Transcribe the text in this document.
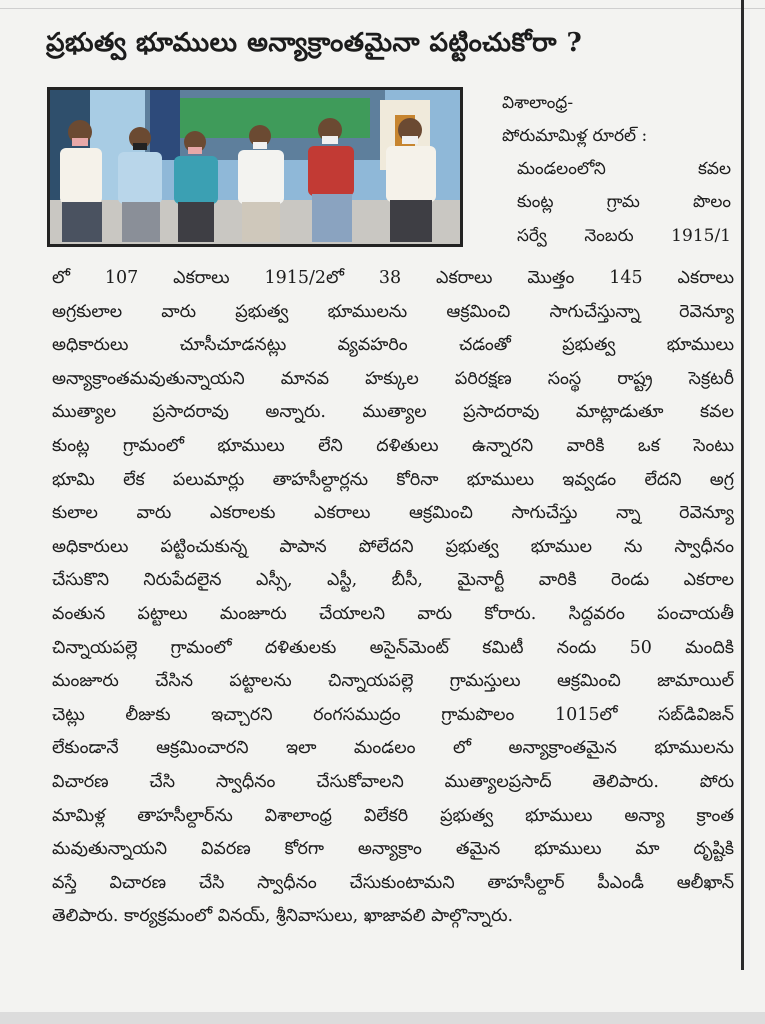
ప్రభుత్వ భూములు అన్యాక్రాంతమైనా పట్టించుకోరా ?
విశాలాంధ్ర-
పోరుమామిళ్ల రూరల్ :
మండలంలోని కవల
కుంట్ల గ్రామ పొలం
సర్వే నెంబరు 1915/1
లో 107 ఎకరాలు 1915/2లో 38 ఎకరాలు మొత్తం 145 ఎకరాలు
అగ్రకులాల వారు ప్రభుత్వ భూములను ఆక్రమించి సాగుచేస్తున్నా రెవెన్యూ
అధికారులు చూసీచూడనట్లు వ్యవహరిం చడంతో ప్రభుత్వ భూములు
అన్యాక్రాంతమవుతున్నాయని మానవ హక్కుల పరిరక్షణ సంస్థ రాష్ట్ర సెక్రటరీ
ముత్యాల ప్రసాదరావు అన్నారు. ముత్యాల ప్రసాదరావు మాట్లాడుతూ కవల
కుంట్ల గ్రామంలో భూములు లేని దళితులు ఉన్నారని వారికి ఒక సెంటు
భూమి లేక పలుమార్లు తాహసీల్దార్లను కోరినా భూములు ఇవ్వడం లేదని అగ్ర
కులాల వారు ఎకరాలకు ఎకరాలు ఆక్రమించి సాగుచేస్తు న్నా రెవెన్యూ
అధికారులు పట్టించుకున్న పాపాన పోలేదని ప్రభుత్వ భూముల ను స్వాధీనం
చేసుకొని నిరుపేదలైన ఎస్సీ, ఎస్టీ, బీసీ, మైనార్టీ వారికి రెండు ఎకరాల
వంతున పట్టాలు మంజూరు చేయాలని వారు కోరారు. సిద్దవరం పంచాయతీ
చిన్నాయపల్లె గ్రామంలో దళితులకు అసైన్‌మెంట్ కమిటీ నందు 50 మందికి
మంజూరు చేసిన పట్టాలను చిన్నాయపల్లె గ్రామస్తులు ఆక్రమించి జామాయిల్
చెట్లు లీజుకు ఇచ్చారని రంగసముద్రం గ్రామపొలం 1015లో సబ్‌డివిజన్
లేకుండానే ఆక్రమించారని ఇలా మండలం లో అన్యాక్రాంతమైన భూములను
విచారణ చేసి స్వాధీనం చేసుకోవాలని ముత్యాలప్రసాద్ తెలిపారు. పోరు
మామిళ్ల తాహసీల్దార్‌ను విశాలాంధ్ర విలేకరి ప్రభుత్వ భూములు అన్యా క్రాంత
మవుతున్నాయని వివరణ కోరగా అన్యాక్రాం తమైన భూములు మా దృష్టికి
వస్తే విచారణ చేసి స్వాధీనం చేసుకుంటామని తాహసీల్దార్ పీఎండీ ఆలీఖాన్
తెలిపారు. కార్యక్రమంలో వినయ్, శ్రీనివాసులు, ఖాజావలి పాల్గొన్నారు.
